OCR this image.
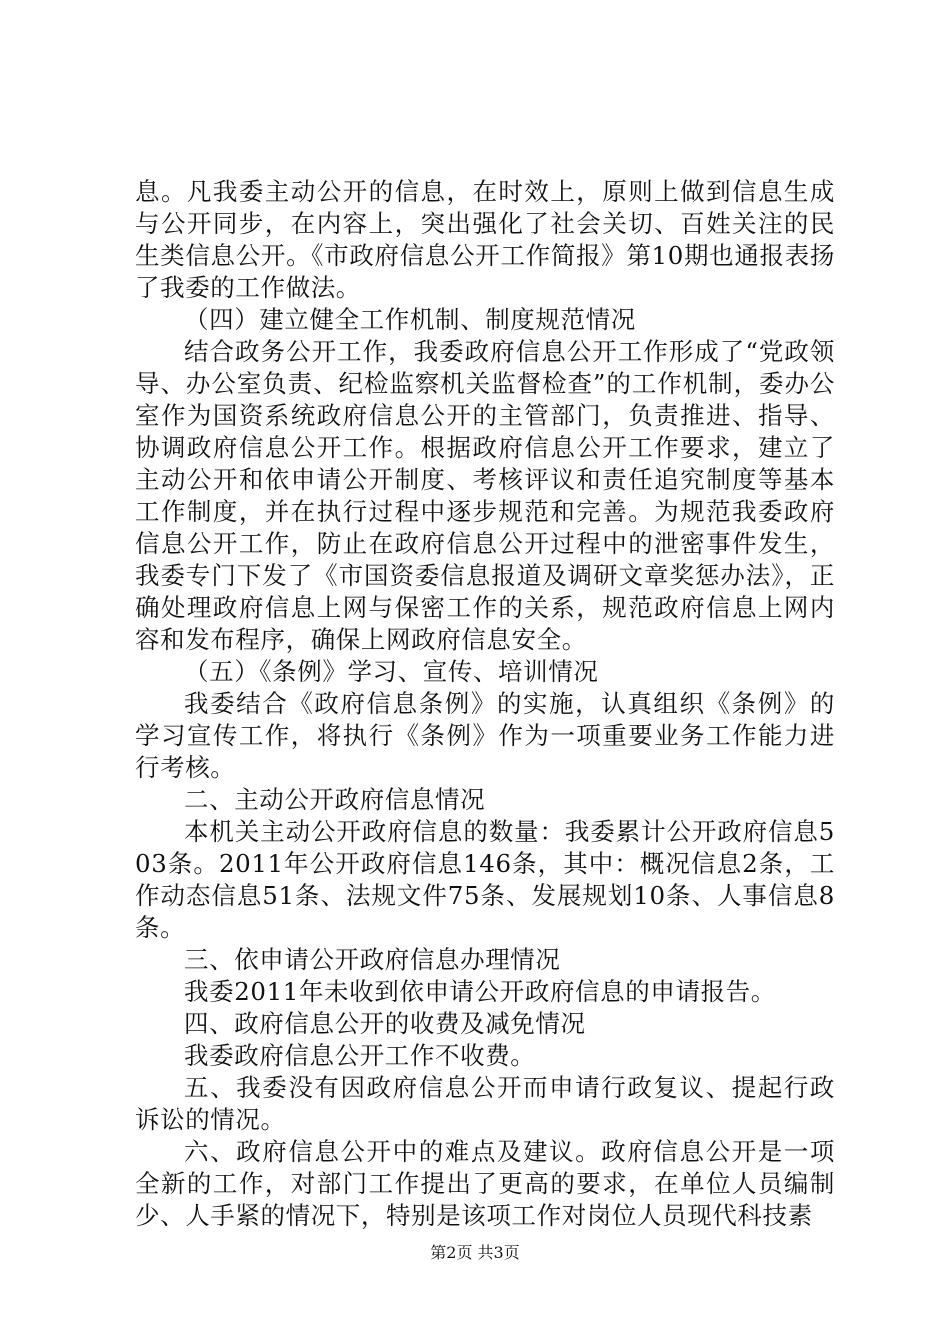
息。凡我委主动公开的信息，在时效上，原则上做到信息生成与公开同步，在内容上，突出强化了社会关切、百姓关注的民生类信息公开。《市政府信息公开工作简报》第10期也通报表扬了我委的工作做法。

（四）建立健全工作机制、制度规范情况

结合政务公开工作，我委政府信息公开工作形成了“党政领导、办公室负责、纪检监察机关监督检查”的工作机制，委办公室作为国资系统政府信息公开的主管部门，负责推进、指导、协调政府信息公开工作。根据政府信息公开工作要求，建立了主动公开和依申请公开制度、考核评议和责任追究制度等基本工作制度，并在执行过程中逐步规范和完善。为规范我委政府信息公开工作，防止在政府信息公开过程中的泄密事件发生，我委专门下发了《市国资委信息报道及调研文章奖惩办法》，正确处理政府信息上网与保密工作的关系，规范政府信息上网内容和发布程序，确保上网政府信息安全。

（五）《条例》学习、宣传、培训情况

我委结合《政府信息条例》的实施，认真组织《条例》的学习宣传工作，将执行《条例》作为一项重要业务工作能力进行考核。

二、主动公开政府信息情况

本机关主动公开政府信息的数量：我委累计公开政府信息503条。2011年公开政府信息146条，其中：概况信息2条，工作动态信息51条、法规文件75条、发展规划10条、人事信息8条。

三、依申请公开政府信息办理情况

我委2011年未收到依申请公开政府信息的申请报告。

四、政府信息公开的收费及减免情况

我委政府信息公开工作不收费。

五、我委没有因政府信息公开而申请行政复议、提起行政诉讼的情况。

六、政府信息公开中的难点及建议。政府信息公开是一项全新的工作，对部门工作提出了更高的要求，在单位人员编制少、人手紧的情况下，特别是该项工作对岗位人员现代科技素

第2页 共3页
